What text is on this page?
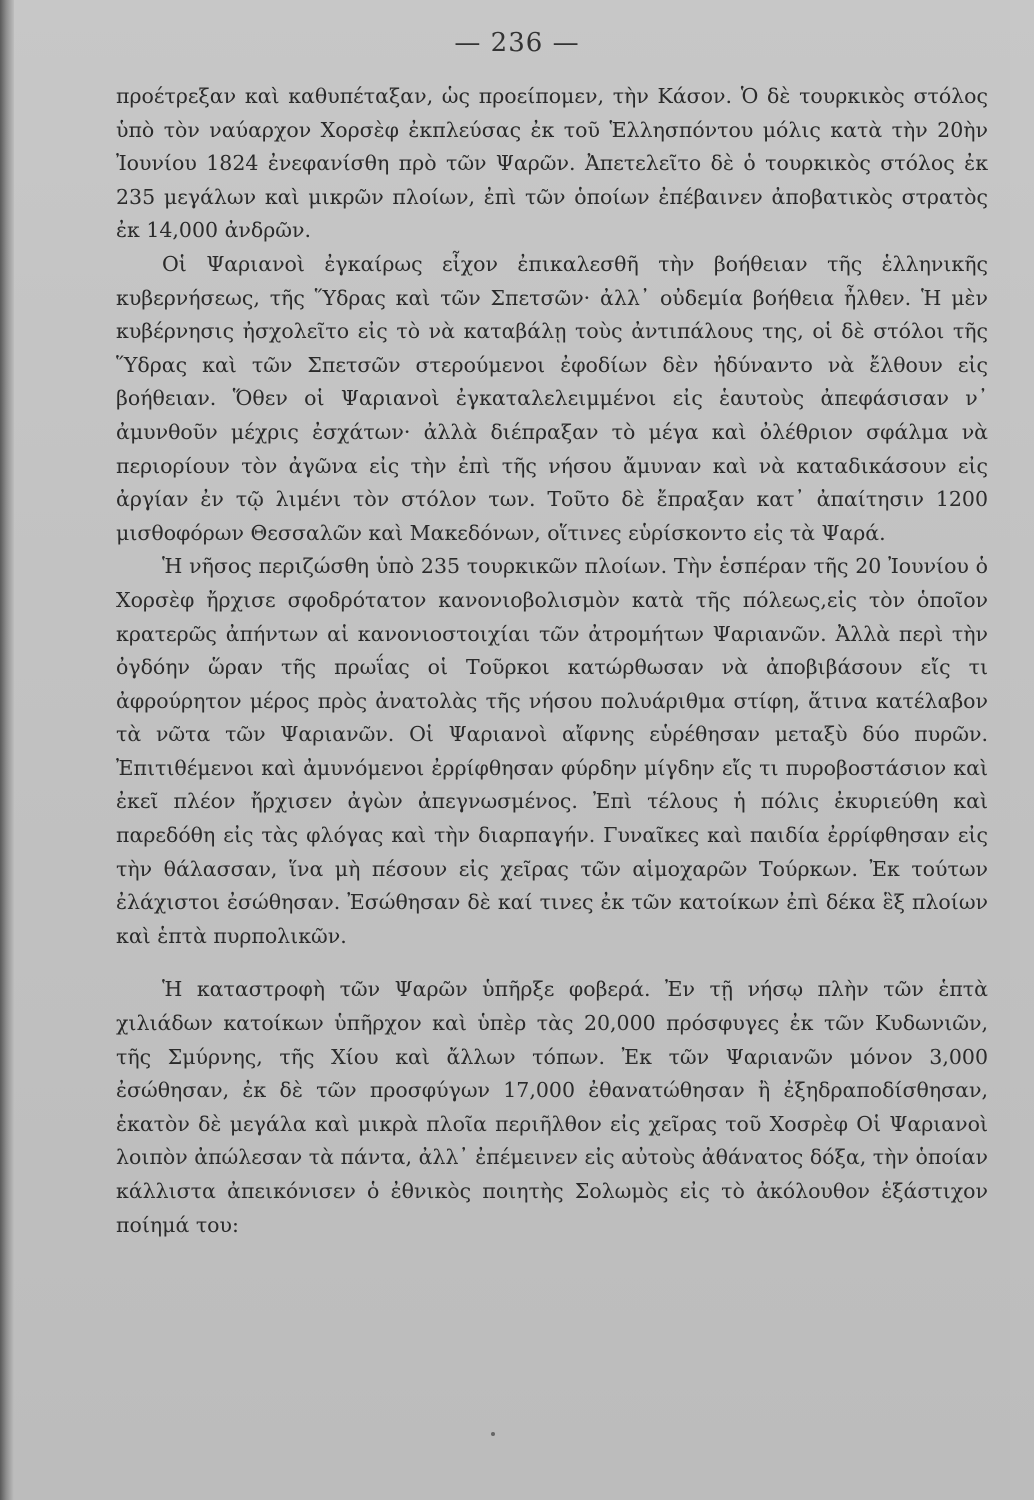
— 236 —

προέτρεξαν καὶ καθυπέταξαν, ὡς προείπομεν, τὴν Κάσον. Ὁ δὲ τουρκικὸς στόλος ὑπὸ τὸν ναύαρχον Χορσὲφ ἐκπλεύσας ἐκ τοῦ Ἑλλησπόντου μόλις κατὰ τὴν 20ὴν Ἰουνίου 1824 ἐνεφανίσθη πρὸ τῶν Ψαρῶν. Ἀπετελεῖτο δὲ ὁ τουρκικὸς στόλος ἐκ 235 μεγάλων καὶ μικρῶν πλοίων, ἐπὶ τῶν ὁποίων ἐπέβαινεν ἀποβατικὸς στρατὸς ἐκ 14,000 ἀνδρῶν.

Οἱ Ψαριανοὶ ἐγκαίρως εἶχον ἐπικαλεσθῆ τὴν βοήθειαν τῆς ἑλληνικῆς κυβερνήσεως, τῆς Ὕδρας καὶ τῶν Σπετσῶν· ἀλλ᾽ οὐδεμία βοήθεια ἦλθεν. Ἡ μὲν κυβέρνησις ἠσχολεῖτο εἰς τὸ νὰ καταβάλῃ τοὺς ἀντιπάλους της, οἱ δὲ στόλοι τῆς Ὕδρας καὶ τῶν Σπετσῶν στερούμενοι ἐφοδίων δὲν ἠδύναντο νὰ ἔλθουν εἰς βοήθειαν. Ὅθεν οἱ Ψαριανοὶ ἐγκαταλελειμμένοι εἰς ἑαυτοὺς ἀπεφάσισαν ν᾽ ἀμυνθοῦν μέχρις ἐσχάτων· ἀλλὰ διέπραξαν τὸ μέγα καὶ ὀλέθριον σφάλμα νὰ περιορίουν τὸν ἀγῶνα εἰς τὴν ἐπὶ τῆς νήσου ἄμυναν καὶ νὰ καταδικάσουν εἰς ἀργίαν ἐν τῷ λιμένι τὸν στόλον των. Τοῦτο δὲ ἔπραξαν κατ᾽ ἀπαίτησιν 1200 μισθοφόρων Θεσσαλῶν καὶ Μακεδόνων, οἵτινες εὑρίσκοντο εἰς τὰ Ψαρά.

Ἡ νῆσος περιζώσθη ὑπὸ 235 τουρκικῶν πλοίων. Τὴν ἑσπέραν τῆς 20 Ἰουνίου ὁ Χορσὲφ ἤρχισε σφοδρότατον κανονιοβολισμὸν κατὰ τῆς πόλεως,εἰς τὸν ὁποῖον κρατερῶς ἀπήντων αἱ κανονιοστοιχίαι τῶν ἀτρομήτων Ψαριανῶν. Ἀλλὰ περὶ τὴν ὀγδόην ὥραν τῆς πρωΐας οἱ Τοῦρκοι κατώρθωσαν νὰ ἀποβιβάσουν εἴς τι ἀφρούρητον μέρος πρὸς ἀνατολὰς τῆς νήσου πολυάριθμα στίφη, ἅτινα κατέλαβον τὰ νῶτα τῶν Ψαριανῶν. Οἱ Ψαριανοὶ αἴφνης εὑρέθησαν μεταξὺ δύο πυρῶν. Ἐπιτιθέμενοι καὶ ἀμυνόμενοι ἐρρίφθησαν φύρδην μίγδην εἴς τι πυροβοστάσιον καὶ ἐκεῖ πλέον ἤρχισεν ἀγὼν ἀπεγνωσμένος. Ἐπὶ τέλους ἡ πόλις ἐκυριεύθη καὶ παρεδόθη εἰς τὰς φλόγας καὶ τὴν διαρπαγήν. Γυναῖκες καὶ παιδία ἐρρίφθησαν εἰς τὴν θάλασσαν, ἵνα μὴ πέσουν εἰς χεῖρας τῶν αἱμοχαρῶν Τούρκων. Ἐκ τούτων ἐλάχιστοι ἐσώθησαν. Ἐσώθησαν δὲ καί τινες ἐκ τῶν κατοίκων ἐπὶ δέκα ἓξ πλοίων καὶ ἑπτὰ πυρπολικῶν.

Ἡ καταστροφὴ τῶν Ψαρῶν ὑπῆρξε φοβερά. Ἐν τῇ νήσῳ πλὴν τῶν ἑπτὰ χιλιάδων κατοίκων ὑπῆρχον καὶ ὑπὲρ τὰς 20,000 πρόσφυγες ἐκ τῶν Κυδωνιῶν, τῆς Σμύρνης, τῆς Χίου καὶ ἄλλων τόπων. Ἐκ τῶν Ψαριανῶν μόνον 3,000 ἐσώθησαν, ἐκ δὲ τῶν προσφύγων 17,000 ἐθανατώθησαν ἢ ἐξηδραποδίσθησαν, ἑκατὸν δὲ μεγάλα καὶ μικρὰ πλοῖα περιῆλθον εἰς χεῖρας τοῦ Χοσρὲφ Οἱ Ψαριανοὶ λοιπὸν ἀπώλεσαν τὰ πάντα, ἀλλ᾽ ἐπέμεινεν εἰς αὐτοὺς ἀθάνατος δόξα, τὴν ὁποίαν κάλλιστα ἀπεικόνισεν ὁ ἐθνικὸς ποιητὴς Σολωμὸς εἰς τὸ ἀκόλουθον ἑξάστιχον ποίημά του:
